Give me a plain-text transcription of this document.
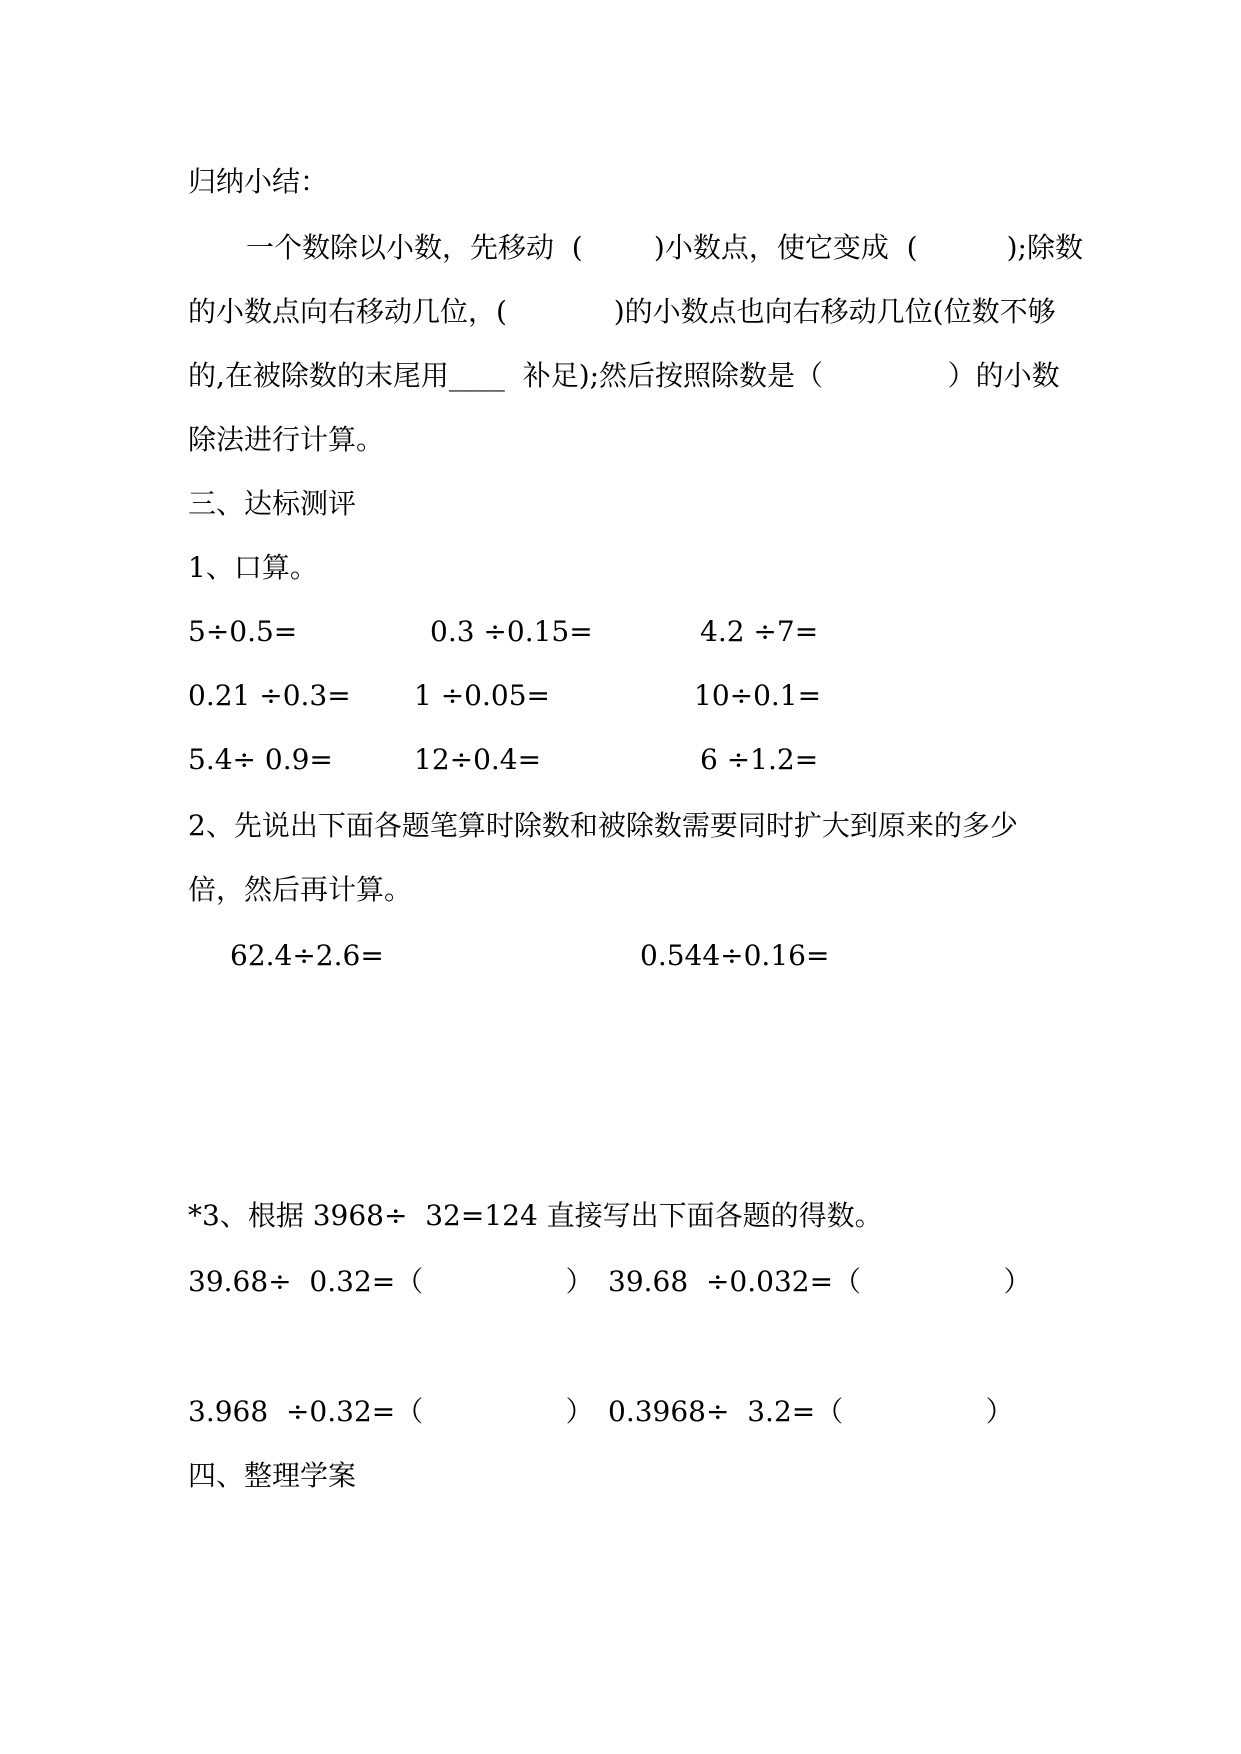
归纳小结：
一个数除以小数，先移动  (        )小数点，使它变成  (          );除数
的小数点向右移动几位，(            )的小数点也向右移动几位(位数不够
的,在被除数的末尾用____  补足);然后按照除数是（              ）的小数
除法进行计算。
三、达标测评
1、口算。
5÷0.5=	0.3 ÷0.15=	4.2 ÷7=
0.21 ÷0.3= 1 ÷0.05=	10÷0.1=
5.4÷ 0.9=	12÷0.4=	6 ÷1.2=
2、先说出下面各题笔算时除数和被除数需要同时扩大到原来的多少
倍，然后再计算。
62.4÷2.6=	0.544÷0.16=
*3、根据 3968÷  32=124 直接写出下面各题的得数。
39.68÷  0.32=（                ） 39.68  ÷0.032=（                ）
3.968  ÷0.32=（                ） 0.3968÷  3.2=（                ）
四、整理学案
